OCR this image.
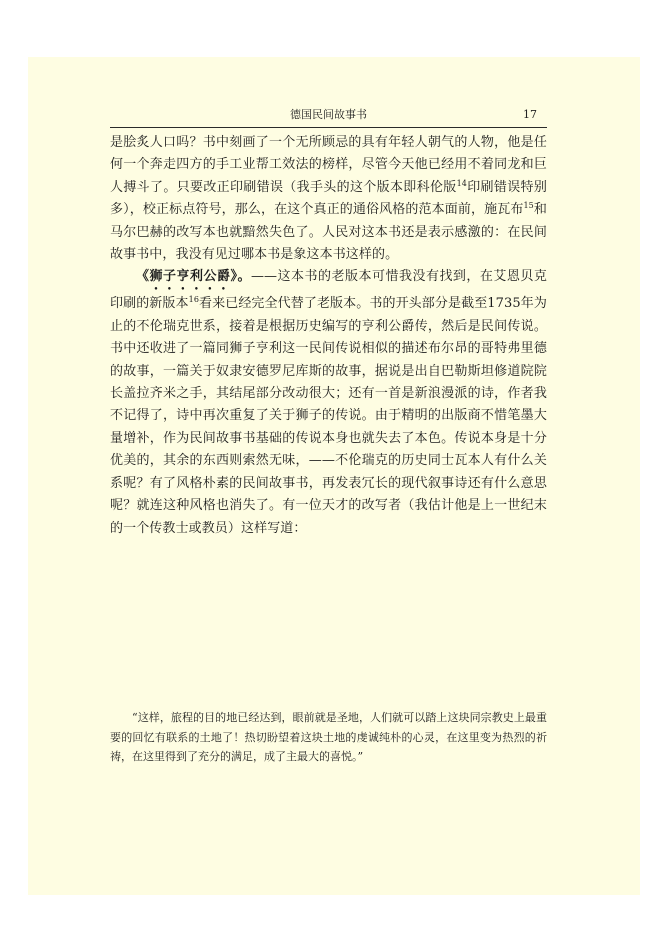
德国民间故事书	17

是脍炙人口吗？书中刻画了一个无所顾忌的具有年轻人朝气的人物，他是任何一个奔走四方的手工业帮工效法的榜样，尽管今天他已经用不着同龙和巨人搏斗了。只要改正印刷错误（我手头的这个版本即科伦版$^{14}$印刷错误特别多），校正标点符号，那么，在这个真正的通俗风格的范本面前，施瓦布$^{15}$和马尔巴赫的改写本也就黯然失色了。人民对这本书还是表示感激的：在民间故事书中，我没有见过哪本书是象这本书这样的。

《狮子亨利公爵》。——这本书的老版本可惜我没有找到，在艾恩贝克印刷的新版本$^{16}$看来已经完全代替了老版本。书的开头部分是截至1735年为止的不伦瑞克世系，接着是根据历史编写的亨利公爵传，然后是民间传说。书中还收进了一篇同狮子亨利这一民间传说相似的描述布尔昂的哥特弗里德的故事，一篇关于奴隶安德罗尼库斯的故事，据说是出自巴勒斯坦修道院院长盖拉齐米之手，其结尾部分改动很大；还有一首是新浪漫派的诗，作者我不记得了，诗中再次重复了关于狮子的传说。由于精明的出版商不惜笔墨大量增补，作为民间故事书基础的传说本身也就失去了本色。传说本身是十分优美的，其余的东西则索然无味，——不伦瑞克的历史同士瓦本人有什么关系呢？有了风格朴素的民间故事书，再发表冗长的现代叙事诗还有什么意思呢？就连这种风格也消失了。有一位天才的改写者（我估计他是上一世纪末的一个传教士或教员）这样写道：

“这样，旅程的目的地已经达到，眼前就是圣地，人们就可以踏上这块同宗教史上最重要的回忆有联系的土地了！热切盼望着这块土地的虔诚纯朴的心灵，在这里变为热烈的祈祷，在这里得到了充分的满足，成了主最大的喜悦。”
